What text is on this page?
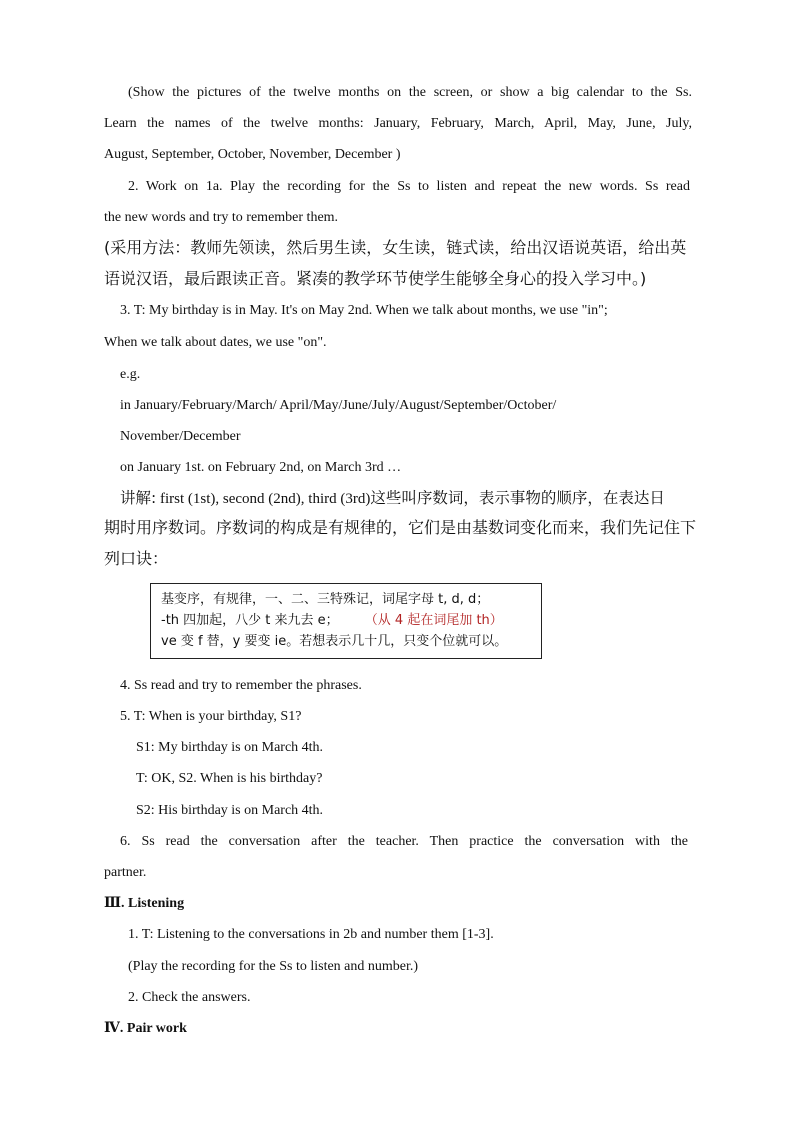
(Show the pictures of the twelve months on the screen, or show a big calendar to the Ss.
Learn the names of the twelve months: January, February, March, April, May, June, July,
August, September, October, November, December )
2. Work on 1a. Play the recording for the Ss to listen and repeat the new words. Ss read
the new words and try to remember them.
(采用方法：教师先领读，然后男生读，女生读，链式读，给出汉语说英语，给出英
语说汉语，最后跟读正音。紧凑的教学环节使学生能够全身心的投入学习中。)
3. T: My birthday is in May. It's on May 2nd. When we talk about months, we use "in";
When we talk about dates, we use "on".
e.g.
in January/February/March/ April/May/June/July/August/September/October/
November/December
on January 1st. on February 2nd, on March 3rd …
讲解: first (1st), second (2nd), third (3rd)这些叫序数词，表示事物的顺序，在表达日
期时用序数词。序数词的构成是有规律的，它们是由基数词变化而来，我们先记住下
列口诀：
基变序，有规律，一、二、三特殊记，词尾字母 t, d, d；
-th 四加起，八少 t 来九去 e； （从 4 起在词尾加 th）
ve 变 f 替，y 要变 ie。若想表示几十几，只变个位就可以。
4. Ss read and try to remember the phrases.
5. T: When is your birthday, S1?
S1: My birthday is on March 4th.
T: OK, S2. When is his birthday?
S2: His birthday is on March 4th.
6. Ss read the conversation after the teacher. Then practice the conversation with the
partner.
Ⅲ. Listening
1. T: Listening to the conversations in 2b and number them [1-3].
(Play the recording for the Ss to listen and number.)
2. Check the answers.
Ⅳ. Pair work
